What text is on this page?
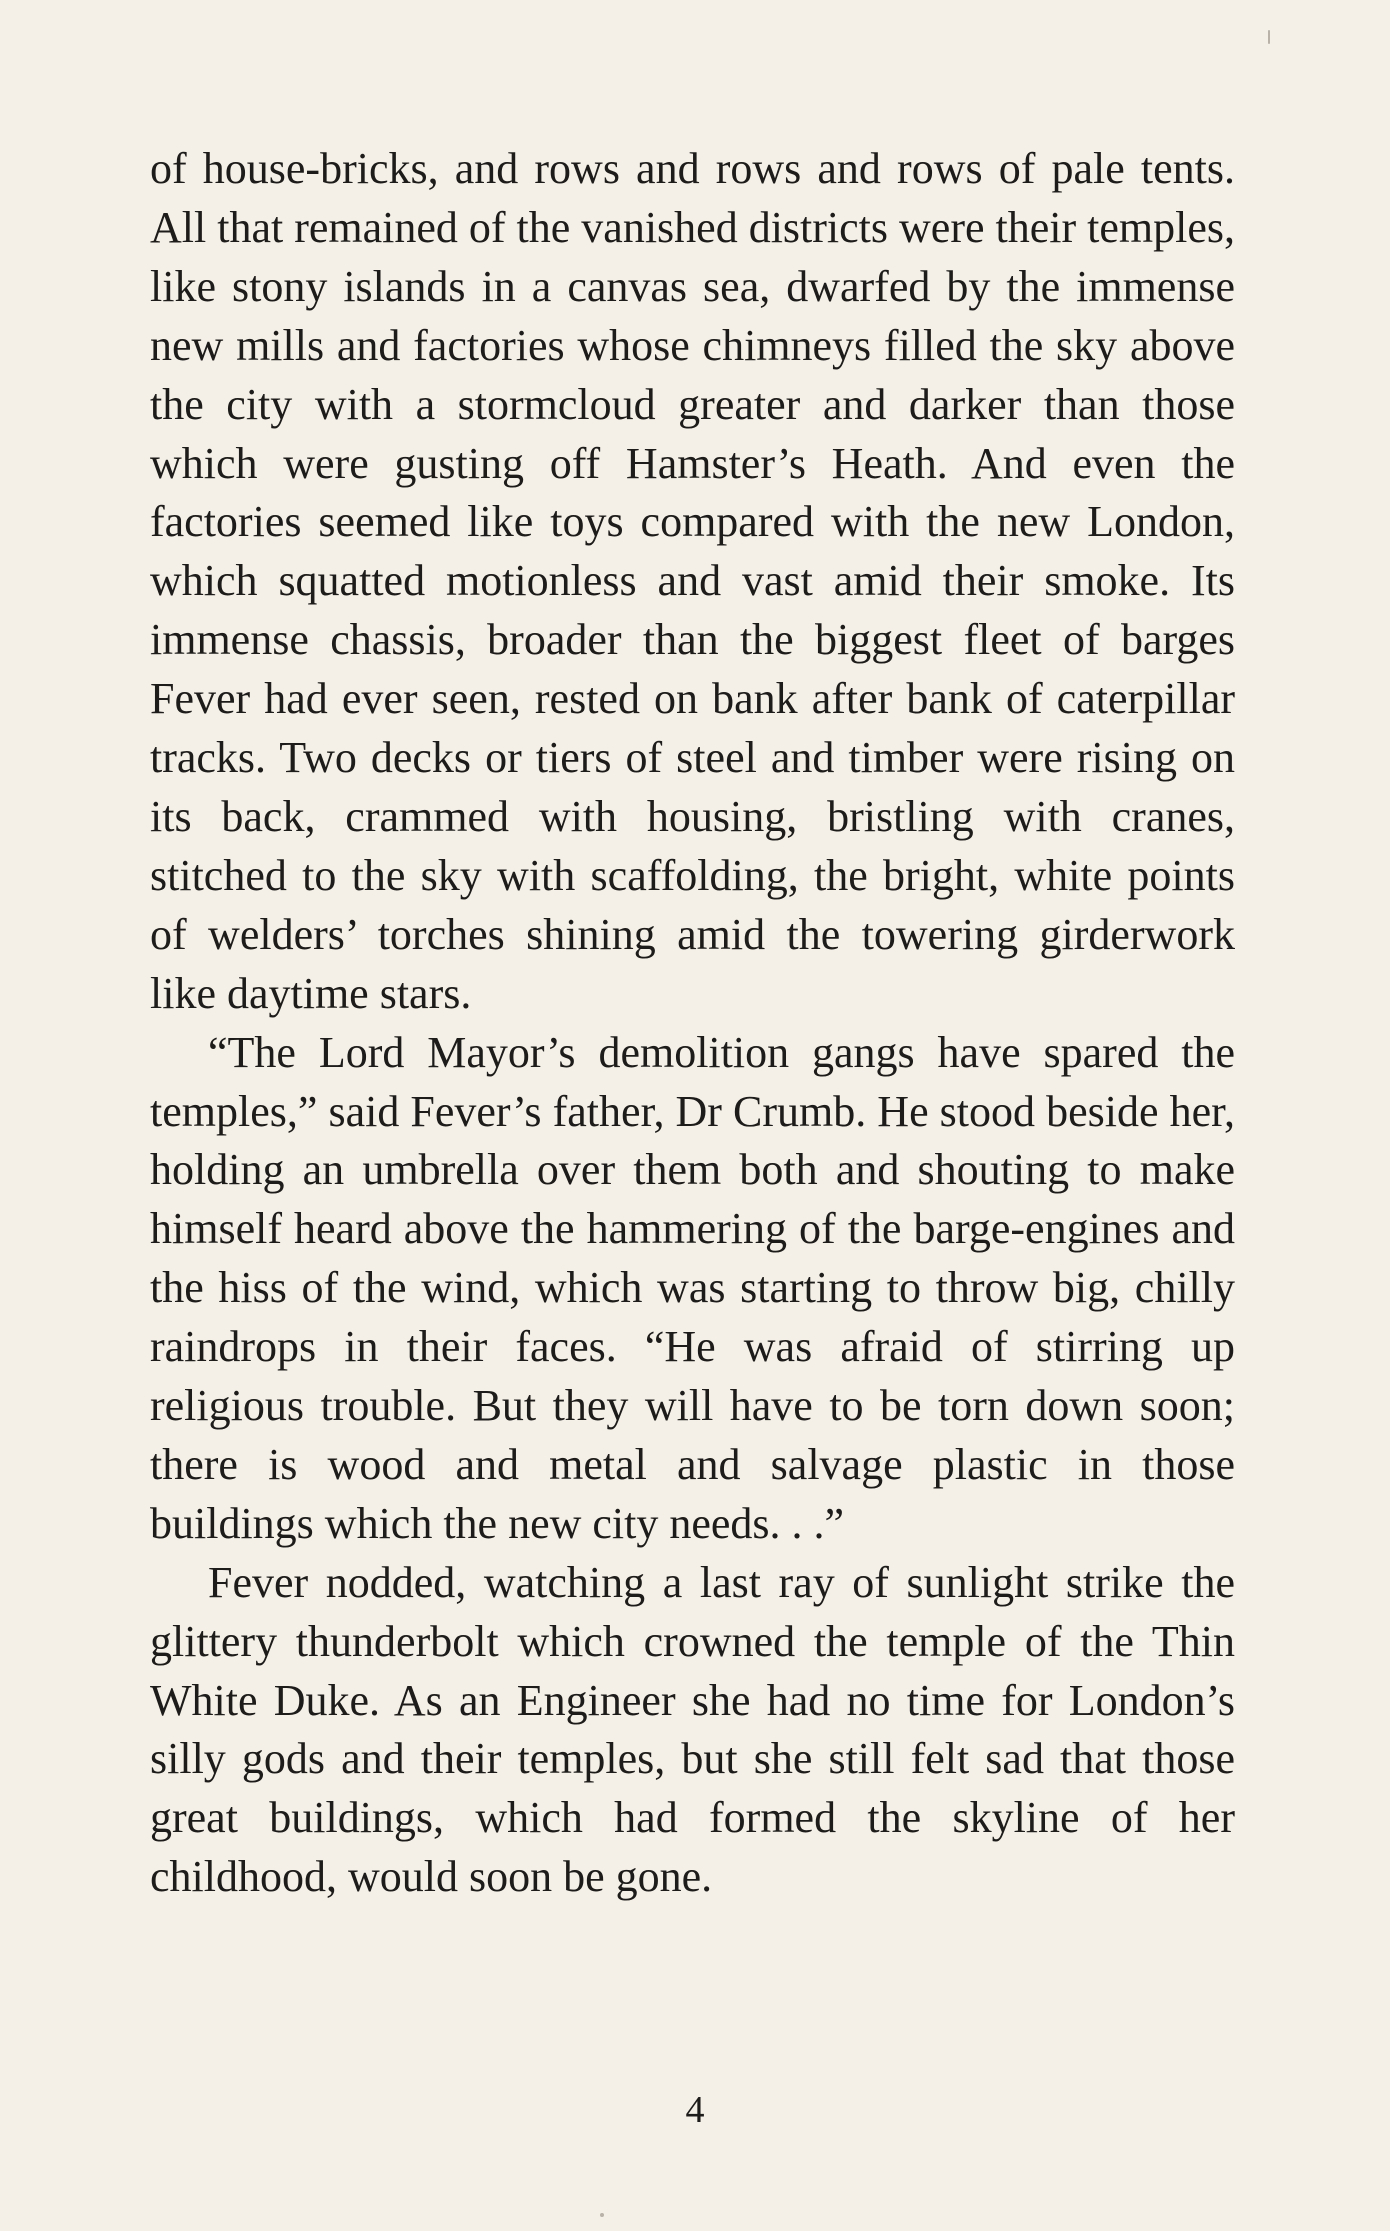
of house-bricks, and rows and rows and rows of pale tents. All that remained of the vanished districts were their temples, like stony islands in a canvas sea, dwarfed by the immense new mills and factories whose chimneys filled the sky above the city with a stormcloud greater and darker than those which were gusting off Hamster’s Heath. And even the factories seemed like toys compared with the new London, which squatted motionless and vast amid their smoke. Its immense chassis, broader than the biggest fleet of barges Fever had ever seen, rested on bank after bank of caterpillar tracks. Two decks or tiers of steel and timber were rising on its back, crammed with housing, bristling with cranes, stitched to the sky with scaffolding, the bright, white points of welders’ torches shining amid the towering girderwork like daytime stars.

“The Lord Mayor’s demolition gangs have spared the temples,” said Fever’s father, Dr Crumb. He stood beside her, holding an umbrella over them both and shouting to make himself heard above the hammering of the barge-engines and the hiss of the wind, which was starting to throw big, chilly raindrops in their faces. “He was afraid of stirring up religious trouble. But they will have to be torn down soon; there is wood and metal and salvage plastic in those buildings which the new city needs. . .”

Fever nodded, watching a last ray of sunlight strike the glittery thunderbolt which crowned the temple of the Thin White Duke. As an Engineer she had no time for London’s silly gods and their temples, but she still felt sad that those great buildings, which had formed the skyline of her childhood, would soon be gone.

4
